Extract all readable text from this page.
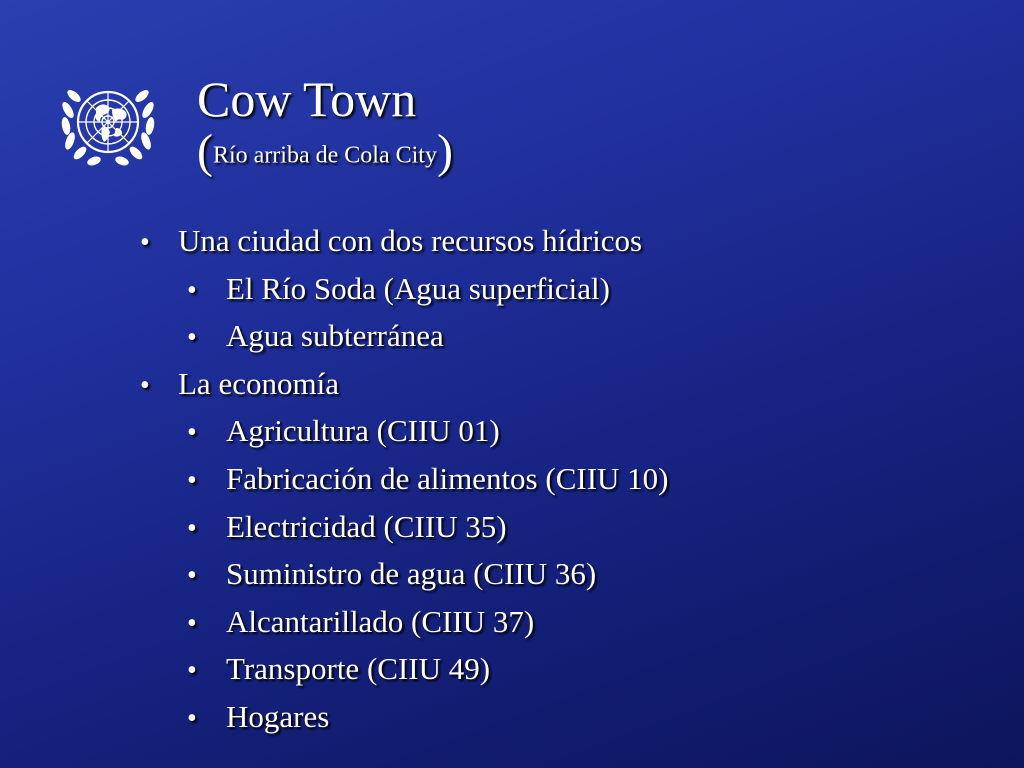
Cow Town
(Río arriba de Cola City)
• Una ciudad con dos recursos hídricos
• El Río Soda (Agua superficial)
• Agua subterránea
• La economía
• Agricultura (CIIU 01)
• Fabricación de alimentos (CIIU 10)
• Electricidad (CIIU 35)
• Suministro de agua (CIIU 36)
• Alcantarillado (CIIU 37)
• Transporte (CIIU 49)
• Hogares
